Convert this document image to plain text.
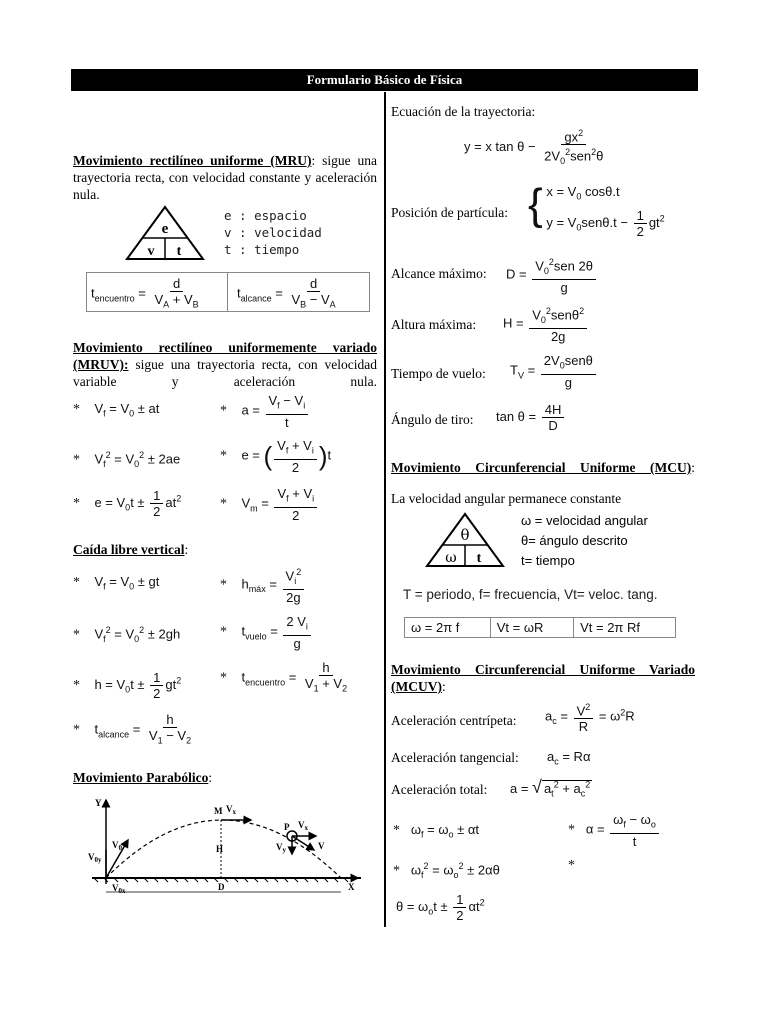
Formulario Básico de Física
Movimiento rectilíneo uniforme (MRU): sigue una trayectoria recta, con velocidad constante y aceleración nula.
e
v t
e : espacio
v : velocidad
t : tiempo
$t_{encuentro} = \frac{d}{V_A + V_B}$	$t_{alcance} = \frac{d}{V_B - V_A}$
Movimiento rectilíneo uniformemente variado (MRUV): sigue una trayectoria recta, con velocidad variable y aceleración nula.
*    $V_f = V_0$ ± at	*    $a = \frac{V_f - V_i}{t}$
*    $V_f^2 = V_0^2 \pm 2ae$	*    e = ( $\frac{V_f + V_i}{2} )t$
*    $e = V_0t \pm \frac{1}{2} at^2$	*    $V_m = \frac{V_f + V_i}{2}$
Caída libre vertical:
*    $V_f = V_0$ ± gt	*    $h_{máx} = \frac{V_i^2}{2g}$
*    $V_f^2 = V_0^2 \pm 2gh$	*    $t_{vuelo} = \frac{2 V_i}{g}$
*    $h = V_0t \pm \frac{1}{2} gt^2$	*    $t_{encuentro} = \frac{h}{V_1 + V_2}$
*    $t_{alcance} = \frac{h}{V_1 - V_2}$
Movimiento Parabólico:
Y
X
M $V_x$
H
D
P $V_x$
V
$V_y$
$V_0$
$V_{0y}$
$V_{0x}$
Ecuación de la trayectoria:
y = x tan θ −
$gx^2$
$2V_0^2sen^2\theta$
Posición de partícula: { $x = V_0$ cosθ.t
$y = V_0sen\theta.t - \frac{1}{2} gt^2$
Alcance máximo: D =
$V_0^2sen$ 2θ
g
Altura máxima: H =
$V_0^2sen\theta^2$
2g
Tiempo de vuelo: $T_V$ =
$2V_0sen\theta$
g
Ángulo de tiro: $\tan \theta = \frac{4H}{D}$
Movimiento Circunferencial Uniforme (MCU):
La velocidad angular permanece constante
θ
ω t
ω = velocidad angular
θ= ángulo descrito
t= tiempo
T = periodo, f= frecuencia, Vt= veloc. tang.
ω = 2π f	Vt = ωR	Vt = 2π Rf
Movimiento Circunferencial Uniforme Variado (MCUV):
Aceleración centrípeta: $a_c = \frac{V^2}{R} = \omega^2R$
Aceleración tangencial: $a_c = R\alpha$
Aceleración total: a = √ $a_t^2 + a_c^2$
*   $\omega_f = \omega_o \pm \alpha t$	*   $\alpha = \frac{\omega_f - \omega_o}{t}$
*   $\omega_f^2 = \omega_o^2 \pm 2\alpha\theta$	*
$\theta = \omega_ot \pm \frac{1}{2} \alpha t^2$
